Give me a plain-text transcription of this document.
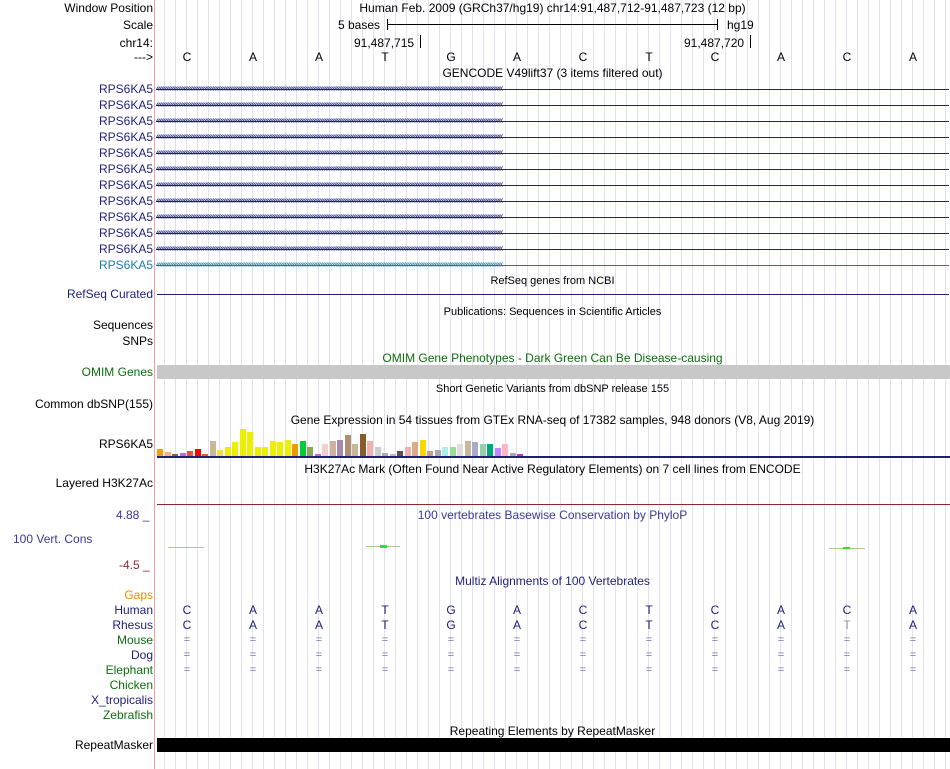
Window Position	Human Feb. 2009 (GRCh37/hg19) chr14:91,487,712-91,487,723 (12 bp)
Scale	5 bases	hg19
chr14:	91,487,715	91,487,720
--->	C	A	A	T	G	A	C	T	C	A	C	A
GENCODE V49lift37 (3 items filtered out)
RPS6KA5 ‹‹‹‹‹‹‹‹‹‹‹‹‹‹‹‹‹‹‹‹‹‹‹‹‹‹‹‹‹‹‹‹‹‹‹‹‹‹‹‹‹‹‹‹‹‹‹‹‹‹‹‹‹‹‹‹‹‹‹‹‹‹‹‹‹‹‹‹‹‹‹‹‹‹‹‹‹‹‹‹‹‹‹‹‹‹‹‹‹‹‹‹‹‹‹‹‹‹‹‹‹‹‹‹‹‹‹‹‹‹‹‹‹‹‹‹‹‹‹‹‹‹‹‹‹‹‹‹‹‹‹‹‹‹‹‹‹‹‹‹‹‹‹‹‹‹‹‹‹‹‹‹‹‹‹‹‹‹‹‹‹‹‹‹‹‹‹‹‹‹‹‹‹‹‹‹‹‹‹‹‹‹‹‹‹‹‹‹‹‹‹‹‹‹‹‹‹‹‹‹
RPS6KA5 ‹‹‹‹‹‹‹‹‹‹‹‹‹‹‹‹‹‹‹‹‹‹‹‹‹‹‹‹‹‹‹‹‹‹‹‹‹‹‹‹‹‹‹‹‹‹‹‹‹‹‹‹‹‹‹‹‹‹‹‹‹‹‹‹‹‹‹‹‹‹‹‹‹‹‹‹‹‹‹‹‹‹‹‹‹‹‹‹‹‹‹‹‹‹‹‹‹‹‹‹‹‹‹‹‹‹‹‹‹‹‹‹‹‹‹‹‹‹‹‹‹‹‹‹‹‹‹‹‹‹‹‹‹‹‹‹‹‹‹‹‹‹‹‹‹‹‹‹‹‹‹‹‹‹‹‹‹‹‹‹‹‹‹‹‹‹‹‹‹‹‹‹‹‹‹‹‹‹‹‹‹‹‹‹‹‹‹‹‹‹‹‹‹‹‹‹‹‹‹‹
RPS6KA5 ‹‹‹‹‹‹‹‹‹‹‹‹‹‹‹‹‹‹‹‹‹‹‹‹‹‹‹‹‹‹‹‹‹‹‹‹‹‹‹‹‹‹‹‹‹‹‹‹‹‹‹‹‹‹‹‹‹‹‹‹‹‹‹‹‹‹‹‹‹‹‹‹‹‹‹‹‹‹‹‹‹‹‹‹‹‹‹‹‹‹‹‹‹‹‹‹‹‹‹‹‹‹‹‹‹‹‹‹‹‹‹‹‹‹‹‹‹‹‹‹‹‹‹‹‹‹‹‹‹‹‹‹‹‹‹‹‹‹‹‹‹‹‹‹‹‹‹‹‹‹‹‹‹‹‹‹‹‹‹‹‹‹‹‹‹‹‹‹‹‹‹‹‹‹‹‹‹‹‹‹‹‹‹‹‹‹‹‹‹‹‹‹‹‹‹‹‹‹‹‹
RPS6KA5 ‹‹‹‹‹‹‹‹‹‹‹‹‹‹‹‹‹‹‹‹‹‹‹‹‹‹‹‹‹‹‹‹‹‹‹‹‹‹‹‹‹‹‹‹‹‹‹‹‹‹‹‹‹‹‹‹‹‹‹‹‹‹‹‹‹‹‹‹‹‹‹‹‹‹‹‹‹‹‹‹‹‹‹‹‹‹‹‹‹‹‹‹‹‹‹‹‹‹‹‹‹‹‹‹‹‹‹‹‹‹‹‹‹‹‹‹‹‹‹‹‹‹‹‹‹‹‹‹‹‹‹‹‹‹‹‹‹‹‹‹‹‹‹‹‹‹‹‹‹‹‹‹‹‹‹‹‹‹‹‹‹‹‹‹‹‹‹‹‹‹‹‹‹‹‹‹‹‹‹‹‹‹‹‹‹‹‹‹‹‹‹‹‹‹‹‹‹‹‹‹
RPS6KA5 ‹‹‹‹‹‹‹‹‹‹‹‹‹‹‹‹‹‹‹‹‹‹‹‹‹‹‹‹‹‹‹‹‹‹‹‹‹‹‹‹‹‹‹‹‹‹‹‹‹‹‹‹‹‹‹‹‹‹‹‹‹‹‹‹‹‹‹‹‹‹‹‹‹‹‹‹‹‹‹‹‹‹‹‹‹‹‹‹‹‹‹‹‹‹‹‹‹‹‹‹‹‹‹‹‹‹‹‹‹‹‹‹‹‹‹‹‹‹‹‹‹‹‹‹‹‹‹‹‹‹‹‹‹‹‹‹‹‹‹‹‹‹‹‹‹‹‹‹‹‹‹‹‹‹‹‹‹‹‹‹‹‹‹‹‹‹‹‹‹‹‹‹‹‹‹‹‹‹‹‹‹‹‹‹‹‹‹‹‹‹‹‹‹‹‹‹‹‹‹‹
RPS6KA5 ‹‹‹‹‹‹‹‹‹‹‹‹‹‹‹‹‹‹‹‹‹‹‹‹‹‹‹‹‹‹‹‹‹‹‹‹‹‹‹‹‹‹‹‹‹‹‹‹‹‹‹‹‹‹‹‹‹‹‹‹‹‹‹‹‹‹‹‹‹‹‹‹‹‹‹‹‹‹‹‹‹‹‹‹‹‹‹‹‹‹‹‹‹‹‹‹‹‹‹‹‹‹‹‹‹‹‹‹‹‹‹‹‹‹‹‹‹‹‹‹‹‹‹‹‹‹‹‹‹‹‹‹‹‹‹‹‹‹‹‹‹‹‹‹‹‹‹‹‹‹‹‹‹‹‹‹‹‹‹‹‹‹‹‹‹‹‹‹‹‹‹‹‹‹‹‹‹‹‹‹‹‹‹‹‹‹‹‹‹‹‹‹‹‹‹‹‹‹‹‹
RPS6KA5 ‹‹‹‹‹‹‹‹‹‹‹‹‹‹‹‹‹‹‹‹‹‹‹‹‹‹‹‹‹‹‹‹‹‹‹‹‹‹‹‹‹‹‹‹‹‹‹‹‹‹‹‹‹‹‹‹‹‹‹‹‹‹‹‹‹‹‹‹‹‹‹‹‹‹‹‹‹‹‹‹‹‹‹‹‹‹‹‹‹‹‹‹‹‹‹‹‹‹‹‹‹‹‹‹‹‹‹‹‹‹‹‹‹‹‹‹‹‹‹‹‹‹‹‹‹‹‹‹‹‹‹‹‹‹‹‹‹‹‹‹‹‹‹‹‹‹‹‹‹‹‹‹‹‹‹‹‹‹‹‹‹‹‹‹‹‹‹‹‹‹‹‹‹‹‹‹‹‹‹‹‹‹‹‹‹‹‹‹‹‹‹‹‹‹‹‹‹‹‹‹
RPS6KA5 ‹‹‹‹‹‹‹‹‹‹‹‹‹‹‹‹‹‹‹‹‹‹‹‹‹‹‹‹‹‹‹‹‹‹‹‹‹‹‹‹‹‹‹‹‹‹‹‹‹‹‹‹‹‹‹‹‹‹‹‹‹‹‹‹‹‹‹‹‹‹‹‹‹‹‹‹‹‹‹‹‹‹‹‹‹‹‹‹‹‹‹‹‹‹‹‹‹‹‹‹‹‹‹‹‹‹‹‹‹‹‹‹‹‹‹‹‹‹‹‹‹‹‹‹‹‹‹‹‹‹‹‹‹‹‹‹‹‹‹‹‹‹‹‹‹‹‹‹‹‹‹‹‹‹‹‹‹‹‹‹‹‹‹‹‹‹‹‹‹‹‹‹‹‹‹‹‹‹‹‹‹‹‹‹‹‹‹‹‹‹‹‹‹‹‹‹‹‹‹‹
RPS6KA5 ‹‹‹‹‹‹‹‹‹‹‹‹‹‹‹‹‹‹‹‹‹‹‹‹‹‹‹‹‹‹‹‹‹‹‹‹‹‹‹‹‹‹‹‹‹‹‹‹‹‹‹‹‹‹‹‹‹‹‹‹‹‹‹‹‹‹‹‹‹‹‹‹‹‹‹‹‹‹‹‹‹‹‹‹‹‹‹‹‹‹‹‹‹‹‹‹‹‹‹‹‹‹‹‹‹‹‹‹‹‹‹‹‹‹‹‹‹‹‹‹‹‹‹‹‹‹‹‹‹‹‹‹‹‹‹‹‹‹‹‹‹‹‹‹‹‹‹‹‹‹‹‹‹‹‹‹‹‹‹‹‹‹‹‹‹‹‹‹‹‹‹‹‹‹‹‹‹‹‹‹‹‹‹‹‹‹‹‹‹‹‹‹‹‹‹‹‹‹‹‹
RPS6KA5 ‹‹‹‹‹‹‹‹‹‹‹‹‹‹‹‹‹‹‹‹‹‹‹‹‹‹‹‹‹‹‹‹‹‹‹‹‹‹‹‹‹‹‹‹‹‹‹‹‹‹‹‹‹‹‹‹‹‹‹‹‹‹‹‹‹‹‹‹‹‹‹‹‹‹‹‹‹‹‹‹‹‹‹‹‹‹‹‹‹‹‹‹‹‹‹‹‹‹‹‹‹‹‹‹‹‹‹‹‹‹‹‹‹‹‹‹‹‹‹‹‹‹‹‹‹‹‹‹‹‹‹‹‹‹‹‹‹‹‹‹‹‹‹‹‹‹‹‹‹‹‹‹‹‹‹‹‹‹‹‹‹‹‹‹‹‹‹‹‹‹‹‹‹‹‹‹‹‹‹‹‹‹‹‹‹‹‹‹‹‹‹‹‹‹‹‹‹‹‹‹
RPS6KA5 ‹‹‹‹‹‹‹‹‹‹‹‹‹‹‹‹‹‹‹‹‹‹‹‹‹‹‹‹‹‹‹‹‹‹‹‹‹‹‹‹‹‹‹‹‹‹‹‹‹‹‹‹‹‹‹‹‹‹‹‹‹‹‹‹‹‹‹‹‹‹‹‹‹‹‹‹‹‹‹‹‹‹‹‹‹‹‹‹‹‹‹‹‹‹‹‹‹‹‹‹‹‹‹‹‹‹‹‹‹‹‹‹‹‹‹‹‹‹‹‹‹‹‹‹‹‹‹‹‹‹‹‹‹‹‹‹‹‹‹‹‹‹‹‹‹‹‹‹‹‹‹‹‹‹‹‹‹‹‹‹‹‹‹‹‹‹‹‹‹‹‹‹‹‹‹‹‹‹‹‹‹‹‹‹‹‹‹‹‹‹‹‹‹‹‹‹‹‹‹‹
RPS6KA5 ‹‹‹‹‹‹‹‹‹‹‹‹‹‹‹‹‹‹‹‹‹‹‹‹‹‹‹‹‹‹‹‹‹‹‹‹‹‹‹‹‹‹‹‹‹‹‹‹‹‹‹‹‹‹‹‹‹‹‹‹‹‹‹‹‹‹‹‹‹‹‹‹‹‹‹‹‹‹‹‹‹‹‹‹‹‹‹‹‹‹‹‹‹‹‹‹‹‹‹‹‹‹‹‹‹‹‹‹‹‹‹‹‹‹‹‹‹‹‹‹‹‹‹‹‹‹‹‹‹‹‹‹‹‹‹‹‹‹‹‹‹‹‹‹‹‹‹‹‹‹‹‹‹‹‹‹‹‹‹‹‹‹‹‹‹‹‹‹‹‹‹‹‹‹‹‹‹‹‹‹‹‹‹‹‹‹‹‹‹‹‹‹‹‹‹‹‹‹‹‹
RefSeq genes from NCBI
RefSeq Curated
Publications: Sequences in Scientific Articles
Sequences
SNPs
OMIM Gene Phenotypes - Dark Green Can Be Disease-causing
OMIM Genes
Short Genetic Variants from dbSNP release 155
Common dbSNP(155)
Gene Expression in 54 tissues from GTEx RNA-seq of 17382 samples, 948 donors (V8, Aug 2019)
RPS6KA5
H3K27Ac Mark (Often Found Near Active Regulatory Elements) on 7 cell lines from ENCODE
Layered H3K27Ac
4.88 _	100 vertebrates Basewise Conservation by PhyloP
100 Vert. Cons
-4.5 _
Multiz Alignments of 100 Vertebrates
Gaps
Human	C	A	A	T	G	A	C	T	C	A	C	A
Rhesus	C	A	A	T	G	A	C	T	C	A	T	A
Mouse	=	=	=	=	=	=	=	=	=	=	=	=
Dog	=	=	=	=	=	=	=	=	=	=	=	=
Elephant	=	=	=	=	=	=	=	=	=	=	=	=
Chicken
X_tropicalis
Zebrafish
Repeating Elements by RepeatMasker
RepeatMasker
